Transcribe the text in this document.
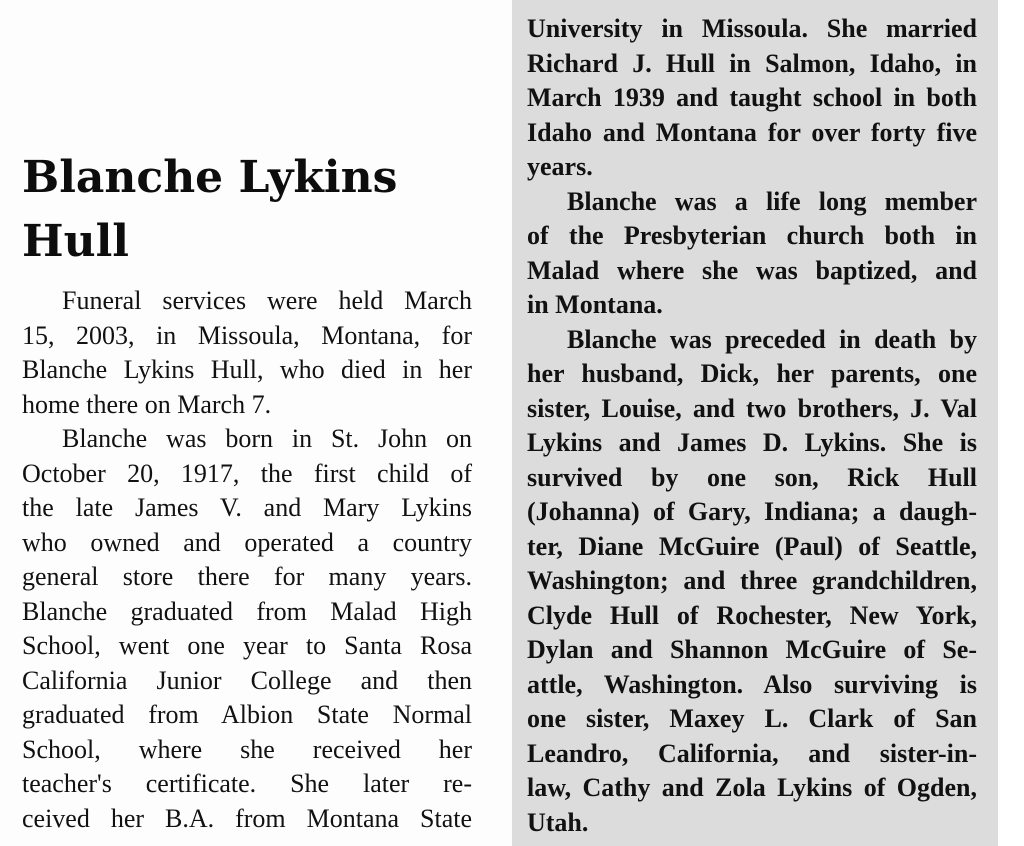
Blanche Lykins
Hull
Funeral services were held March
15, 2003, in Missoula, Montana, for
Blanche Lykins Hull, who died in her
home there on March 7.
Blanche was born in St. John on
October 20, 1917, the first child of
the late James V. and Mary Lykins
who owned and operated a country
general store there for many years.
Blanche graduated from Malad High
School, went one year to Santa Rosa
California Junior College and then
graduated from Albion State Normal
School, where she received her
teacher's certificate. She later re-
ceived her B.A. from Montana State
University in Missoula. She married
Richard J. Hull in Salmon, Idaho, in
March 1939 and taught school in both
Idaho and Montana for over forty five
years.
Blanche was a life long member
of the Presbyterian church both in
Malad where she was baptized, and
in Montana.
Blanche was preceded in death by
her husband, Dick, her parents, one
sister, Louise, and two brothers, J. Val
Lykins and James D. Lykins. She is
survived by one son, Rick Hull
(Johanna) of Gary, Indiana; a daugh-
ter, Diane McGuire (Paul) of Seattle,
Washington; and three grandchildren,
Clyde Hull of Rochester, New York,
Dylan and Shannon McGuire of Se-
attle, Washington. Also surviving is
one sister, Maxey L. Clark of San
Leandro, California, and sister-in-
law, Cathy and Zola Lykins of Ogden,
Utah.
